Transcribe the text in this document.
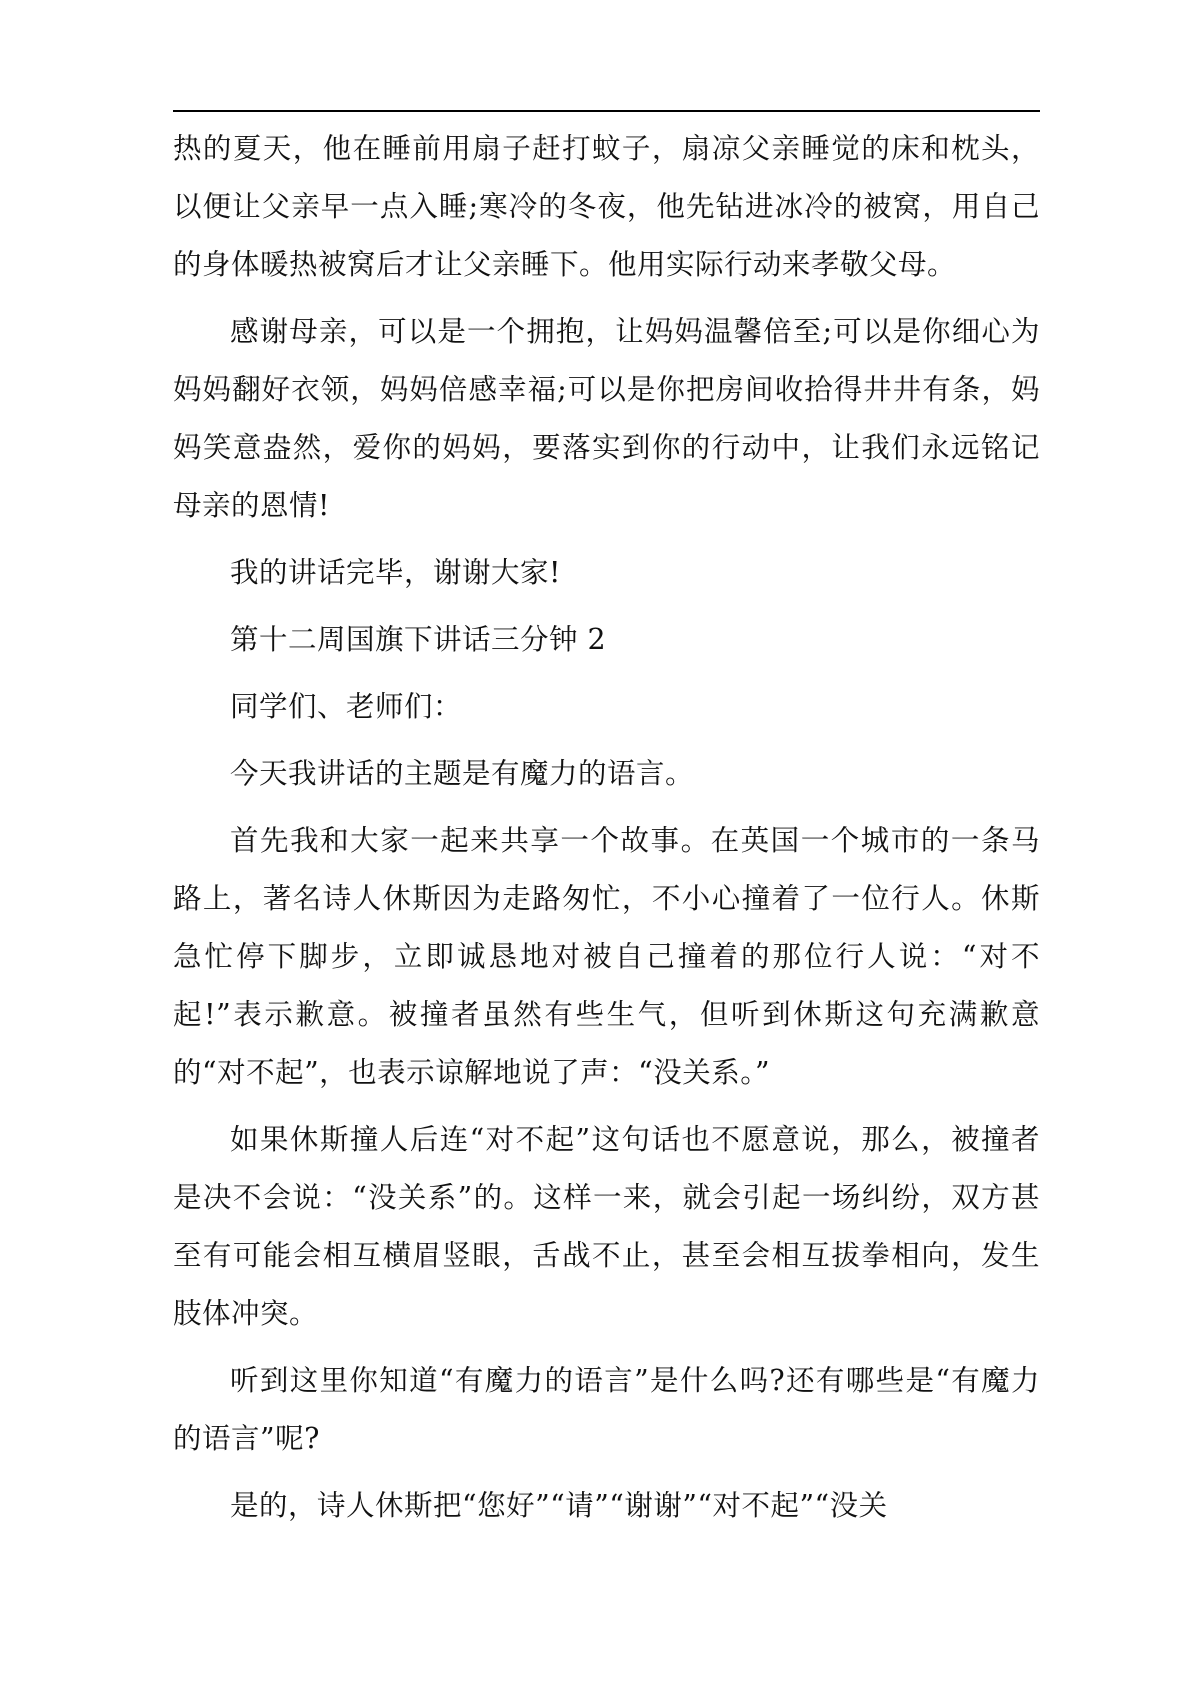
热的夏天，他在睡前用扇子赶打蚊子，扇凉父亲睡觉的床和枕头，以便让父亲早一点入睡;寒冷的冬夜，他先钻进冰冷的被窝，用自己的身体暖热被窝后才让父亲睡下。他用实际行动来孝敬父母。

感谢母亲，可以是一个拥抱，让妈妈温馨倍至;可以是你细心为妈妈翻好衣领，妈妈倍感幸福;可以是你把房间收拾得井井有条，妈妈笑意盎然，爱你的妈妈，要落实到你的行动中，让我们永远铭记母亲的恩情!

我的讲话完毕，谢谢大家!

第十二周国旗下讲话三分钟 2

同学们、老师们：

今天我讲话的主题是有魔力的语言。

首先我和大家一起来共享一个故事。在英国一个城市的一条马路上，著名诗人休斯因为走路匆忙，不小心撞着了一位行人。休斯急忙停下脚步，立即诚恳地对被自己撞着的那位行人说：“对不起!”表示歉意。被撞者虽然有些生气，但听到休斯这句充满歉意的“对不起”，也表示谅解地说了声：“没关系。”

如果休斯撞人后连“对不起”这句话也不愿意说，那么，被撞者是决不会说：“没关系”的。这样一来，就会引起一场纠纷，双方甚至有可能会相互横眉竖眼，舌战不止，甚至会相互拔拳相向，发生肢体冲突。

听到这里你知道“有魔力的语言”是什么吗?还有哪些是“有魔力的语言”呢?

是的，诗人休斯把“您好”“请”“谢谢”“对不起”“没关
